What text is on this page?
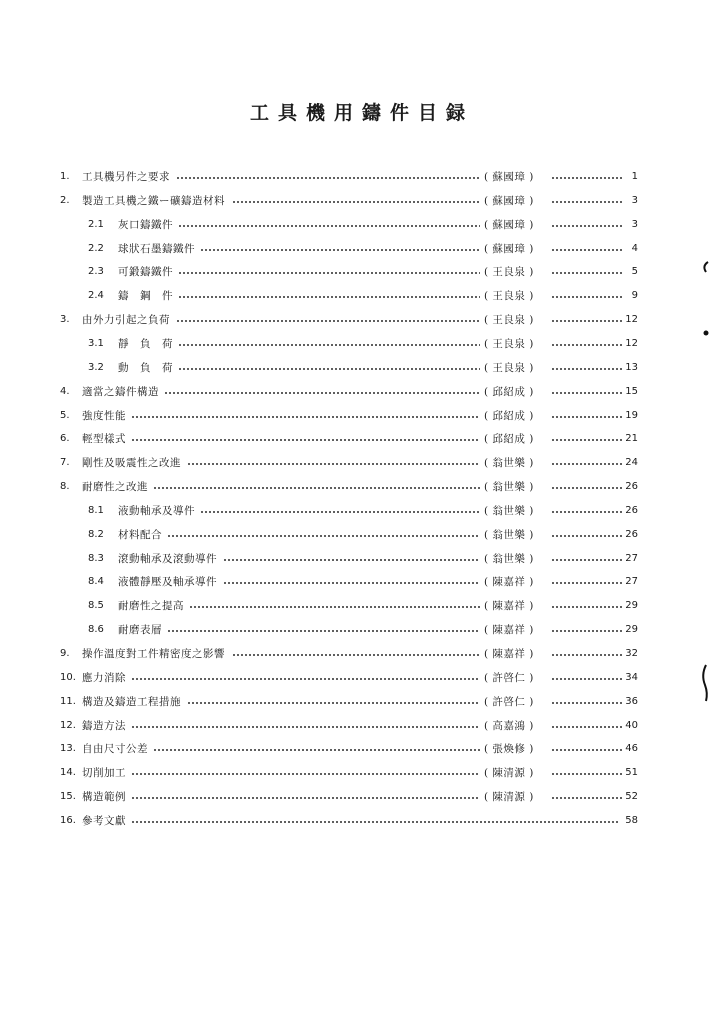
工具機用鑄件目録
1. 工具機另件之要求	( 蘇國璋 )	1
2. 製造工具機之鐵ー礦鑄造材料	( 蘇國璋 )	3
2.1 灰口鑄鐵件	( 蘇國璋 )	3
2.2 球狀石墨鑄鐵件	( 蘇國璋 )	4
2.3 可鍛鑄鐵件	( 王良泉 )	5
2.4 鑄　鋼　件	( 王良泉 )	9
3. 由外力引起之負荷	( 王良泉 )	12
3.1 靜　負　荷	( 王良泉 )	12
3.2 動　負　荷	( 王良泉 )	13
4. 適當之鑄件構造	( 邱紹成 )	15
5. 強度性能	( 邱紹成 )	19
6. 輕型樣式	( 邱紹成 )	21
7. 剛性及吸震性之改進	( 翁世樂 )	24
8. 耐磨性之改進	( 翁世樂 )	26
8.1 液動軸承及導件	( 翁世樂 )	26
8.2 材料配合	( 翁世樂 )	26
8.3 滾動軸承及滾動導件	( 翁世樂 )	27
8.4 液體靜壓及軸承導件	( 陳嘉祥 )	27
8.5 耐磨性之提高	( 陳嘉祥 )	29
8.6 耐磨表層	( 陳嘉祥 )	29
9. 操作溫度對工件精密度之影響	( 陳嘉祥 )	32
10. 應力消除	( 許啓仁 )	34
11. 構造及鑄造工程措施	( 許啓仁 )	36
12. 鑄造方法	( 高嘉鴻 )	40
13. 自由尺寸公差	( 張煥修 )	46
14. 切削加工	( 陳清源 )	51
15. 構造範例	( 陳清源 )	52
16. 參考文獻	58
